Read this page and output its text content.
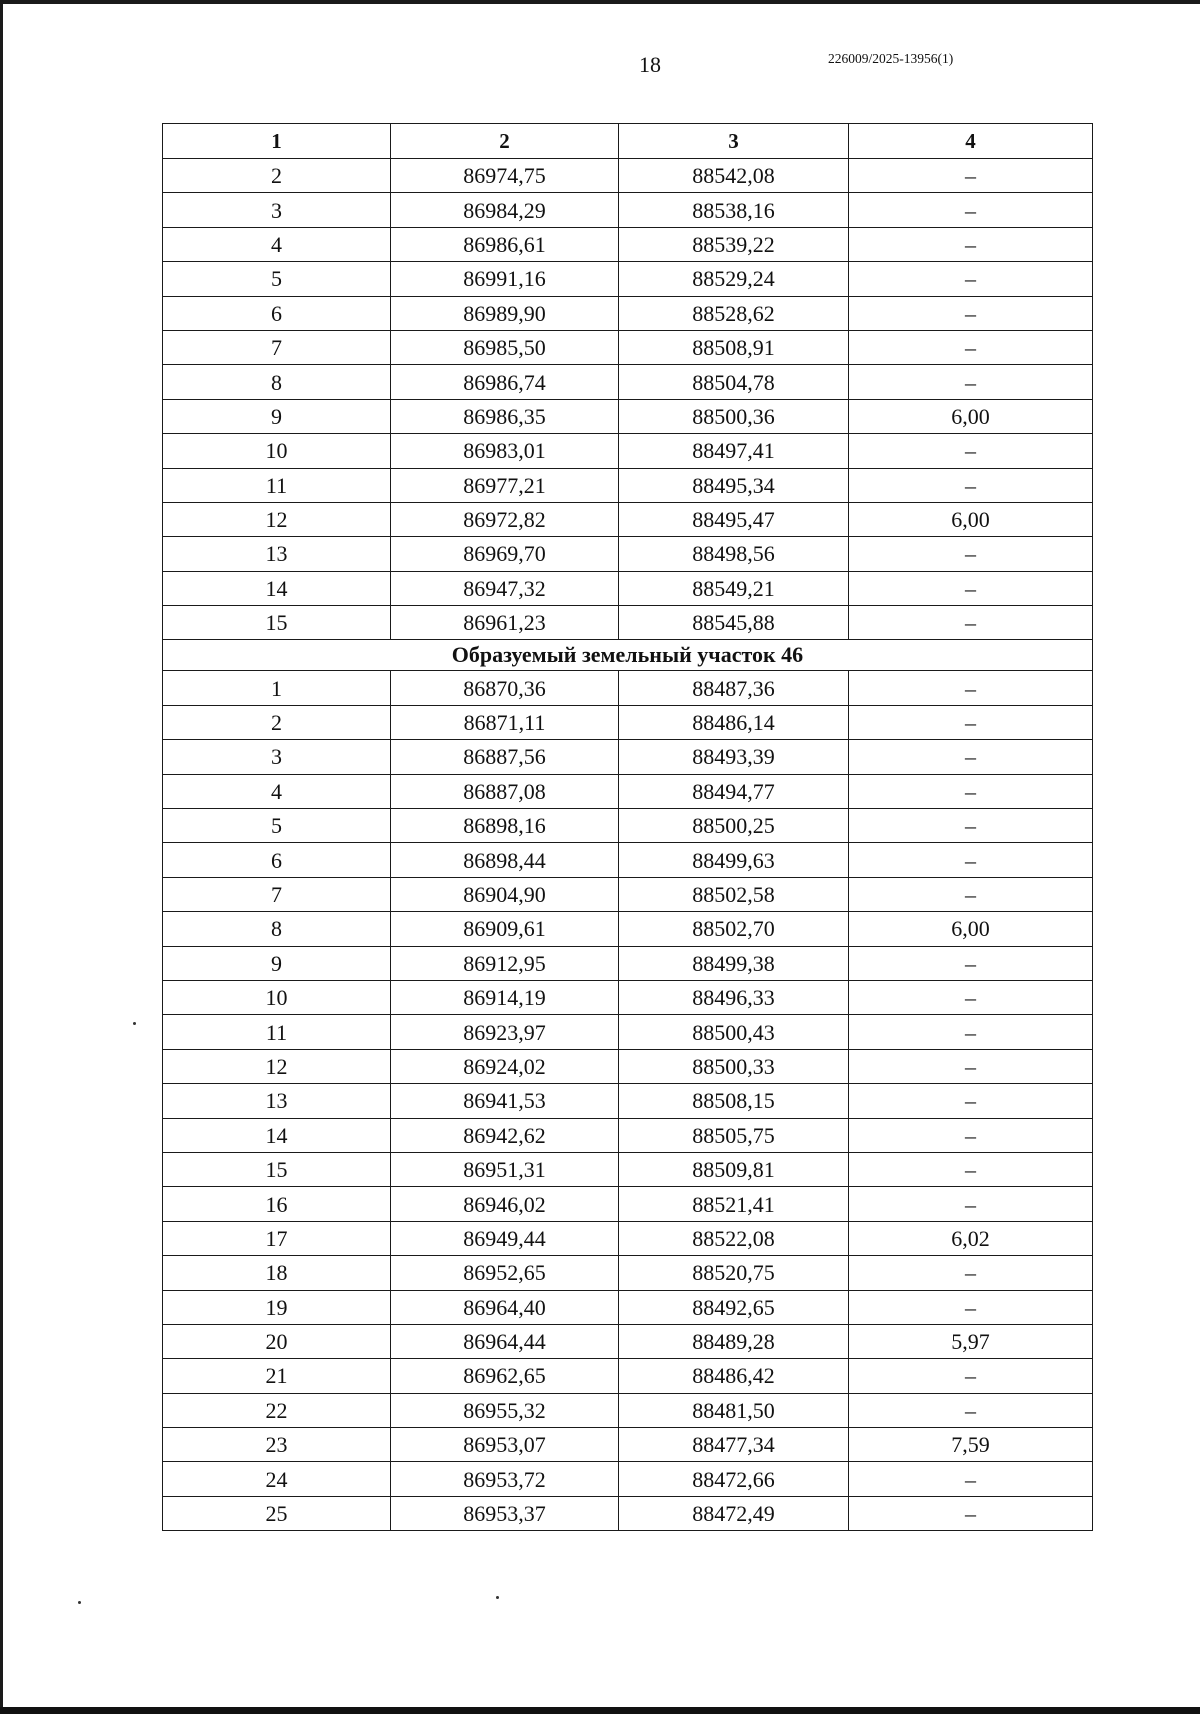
18	226009/2025-13956(1)
1	2	3	4
2	86974,75	88542,08	–
3	86984,29	88538,16	–
4	86986,61	88539,22	–
5	86991,16	88529,24	–
6	86989,90	88528,62	–
7	86985,50	88508,91	–
8	86986,74	88504,78	–
9	86986,35	88500,36	6,00
10	86983,01	88497,41	–
11	86977,21	88495,34	–
12	86972,82	88495,47	6,00
13	86969,70	88498,56	–
14	86947,32	88549,21	–
15	86961,23	88545,88	–
Образуемый земельный участок 46			
1	86870,36	88487,36	–
2	86871,11	88486,14	–
3	86887,56	88493,39	–
4	86887,08	88494,77	–
5	86898,16	88500,25	–
6	86898,44	88499,63	–
7	86904,90	88502,58	–
8	86909,61	88502,70	6,00
9	86912,95	88499,38	–
10	86914,19	88496,33	–
11	86923,97	88500,43	–
12	86924,02	88500,33	–
13	86941,53	88508,15	–
14	86942,62	88505,75	–
15	86951,31	88509,81	–
16	86946,02	88521,41	–
17	86949,44	88522,08	6,02
18	86952,65	88520,75	–
19	86964,40	88492,65	–
20	86964,44	88489,28	5,97
21	86962,65	88486,42	–
22	86955,32	88481,50	–
23	86953,07	88477,34	7,59
24	86953,72	88472,66	–
25	86953,37	88472,49	–
